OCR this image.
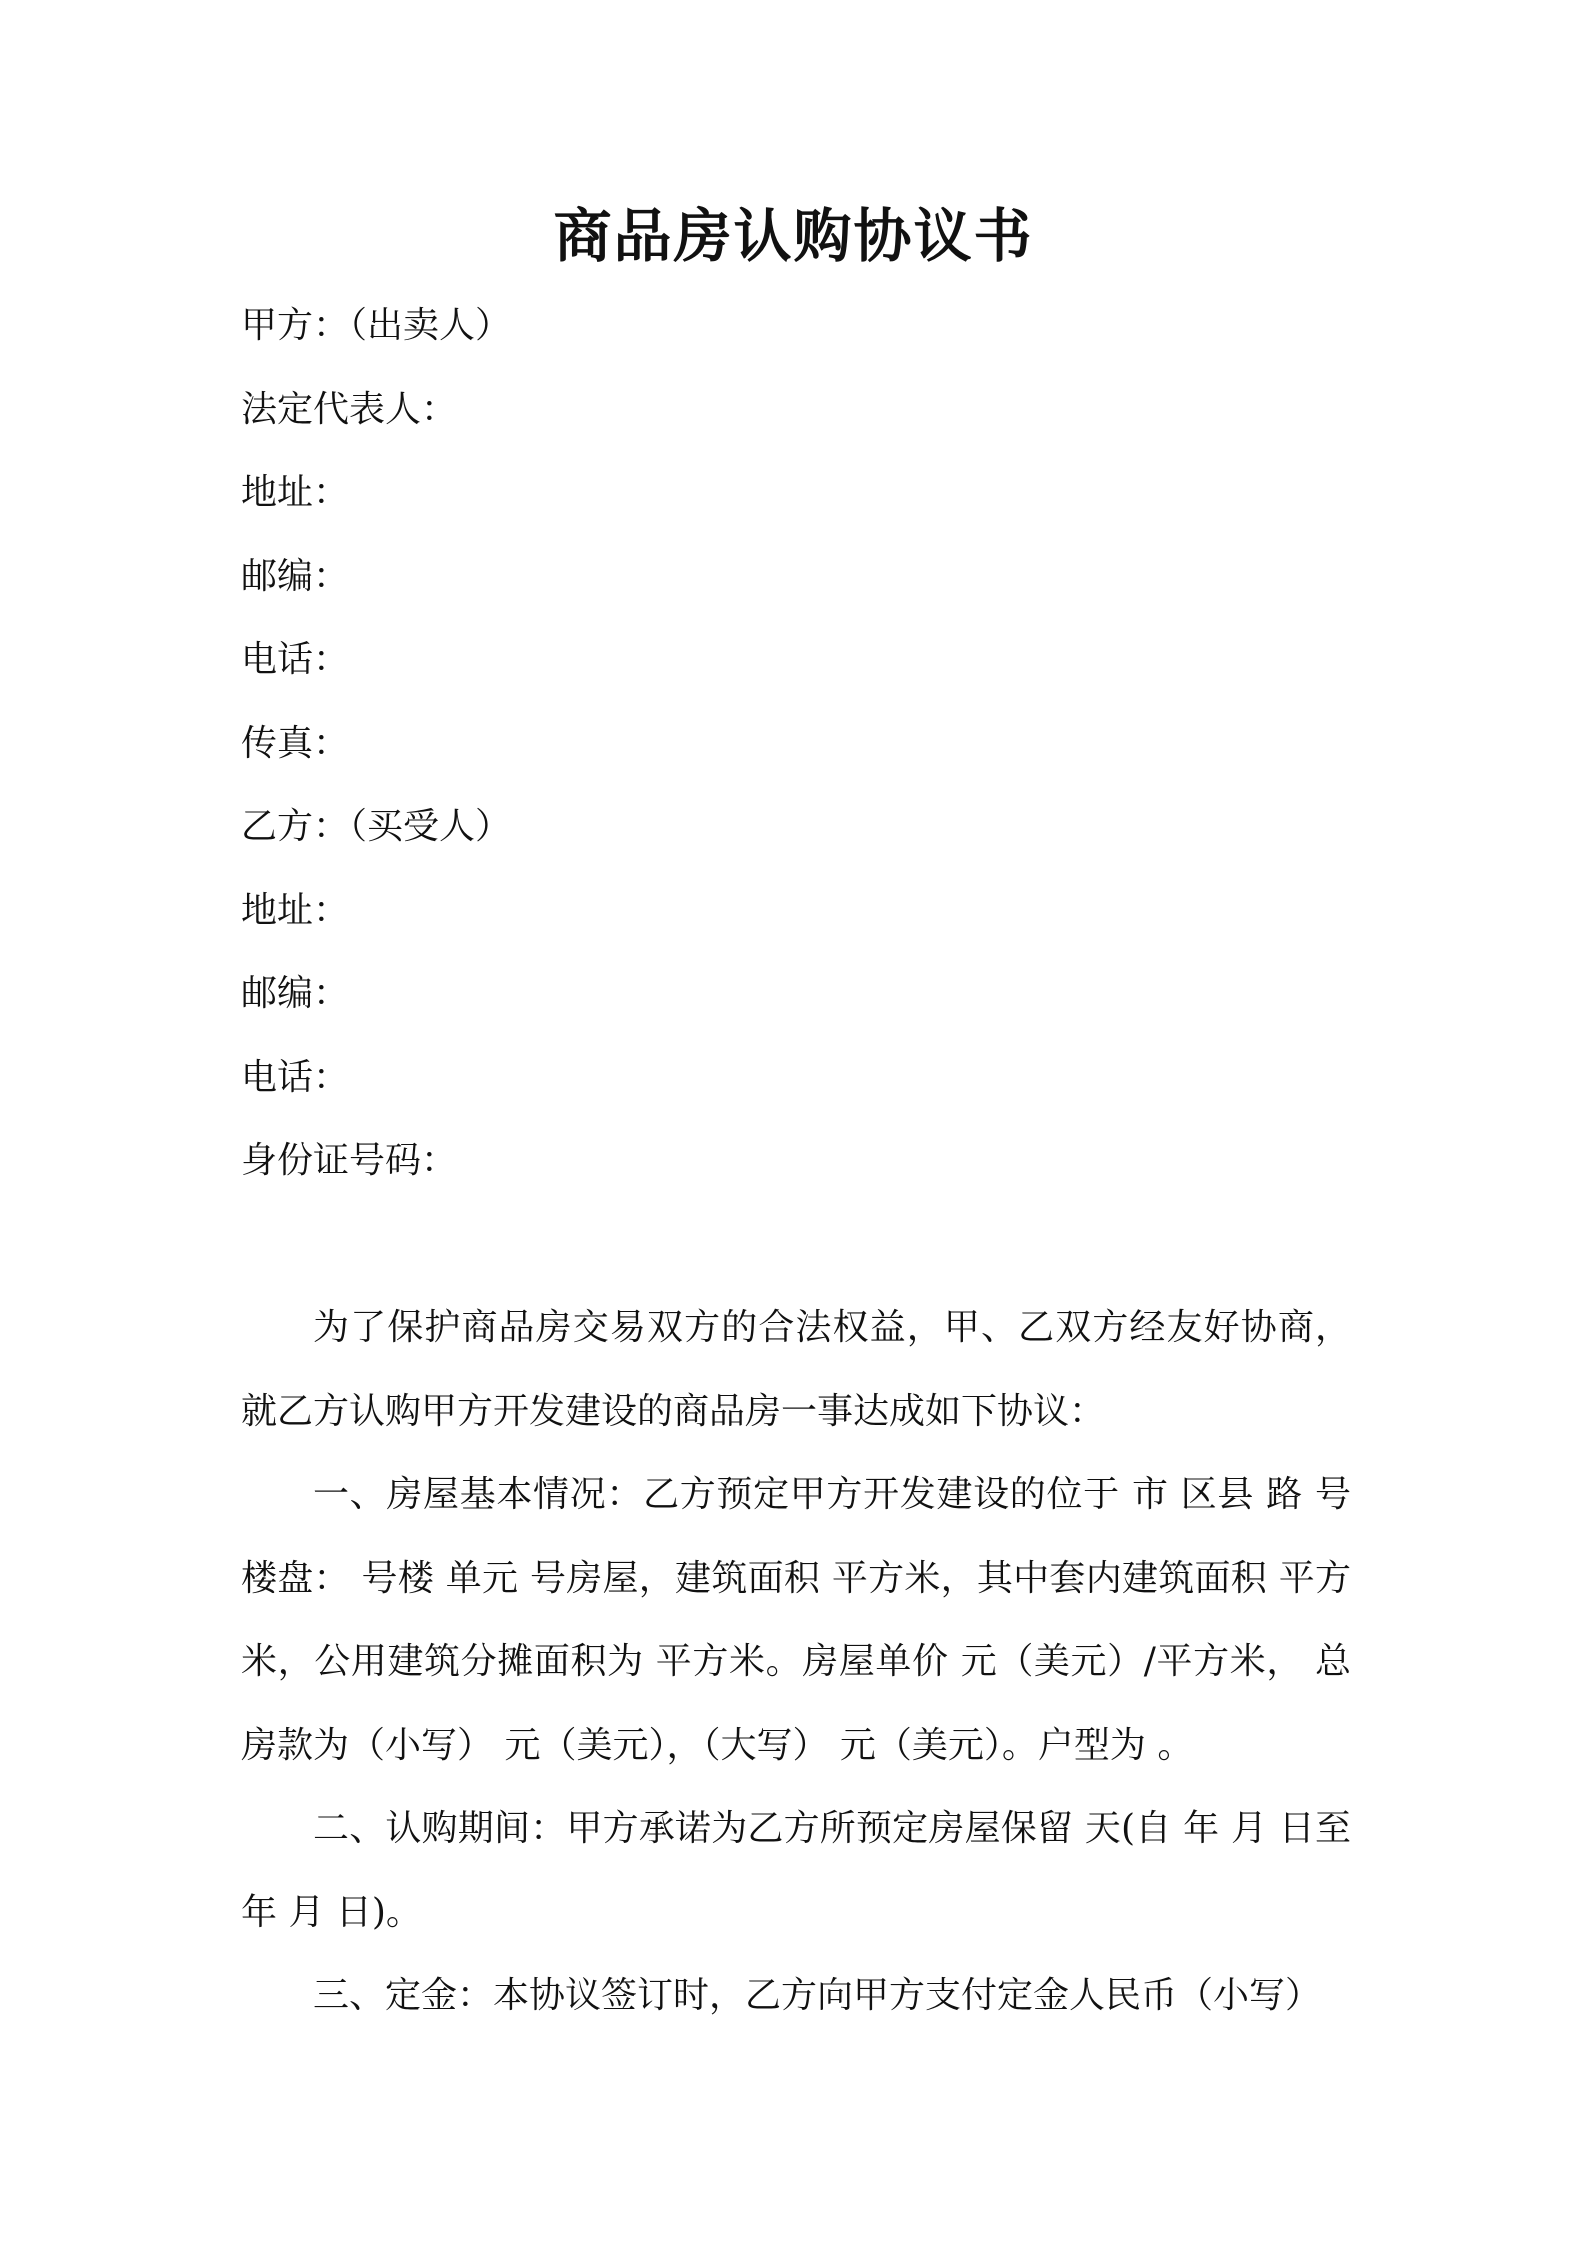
商品房认购协议书
甲方：（出卖人）
法定代表人：
地址：
邮编：
电话：
传真：
乙方：（买受人）
地址：
邮编：
电话：
身份证号码：

为了保护商品房交易双方的合法权益，甲、乙双方经友好协商，就乙方认购甲方开发建设的商品房一事达成如下协议：

一、房屋基本情况：乙方预定甲方开发建设的位于 市 区县 路 号 楼盘： 号楼 单元 号房屋，建筑面积 平方米，其中套内建筑面积 平方米，公用建筑分摊面积为 平方米。房屋单价 元（美元）/平方米， 总房款为（小写） 元（美元），（大写） 元（美元）。户型为 。

二、认购期间：甲方承诺为乙方所预定房屋保留 天(自 年 月 日至 年 月 日)。

三、定金：本协议签订时，乙方向甲方支付定金人民币（小写）
